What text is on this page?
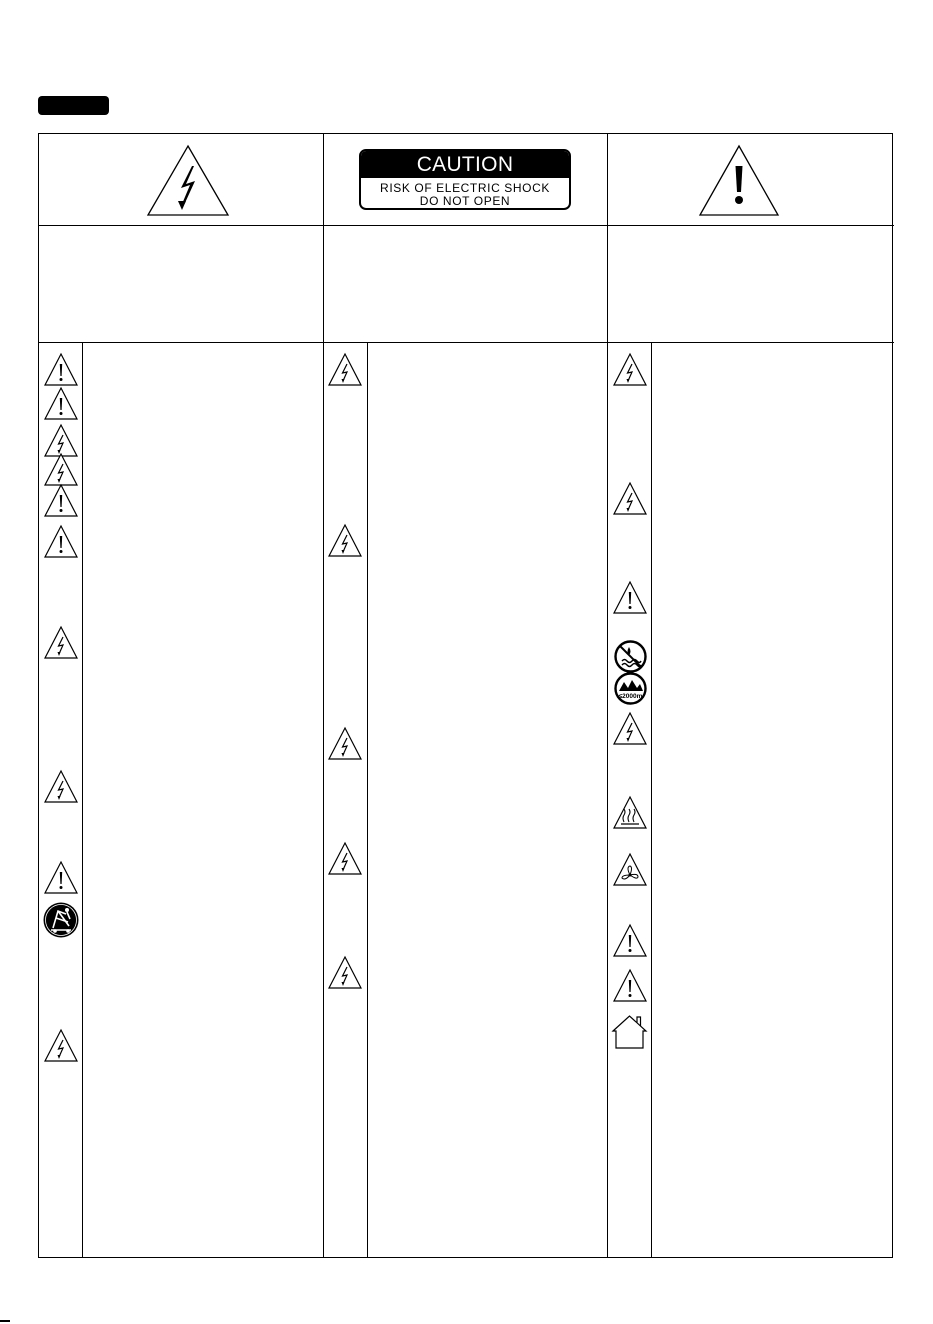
CAUTION
RISK OF ELECTRIC SHOCK
DO NOT OPEN
≤2000m
